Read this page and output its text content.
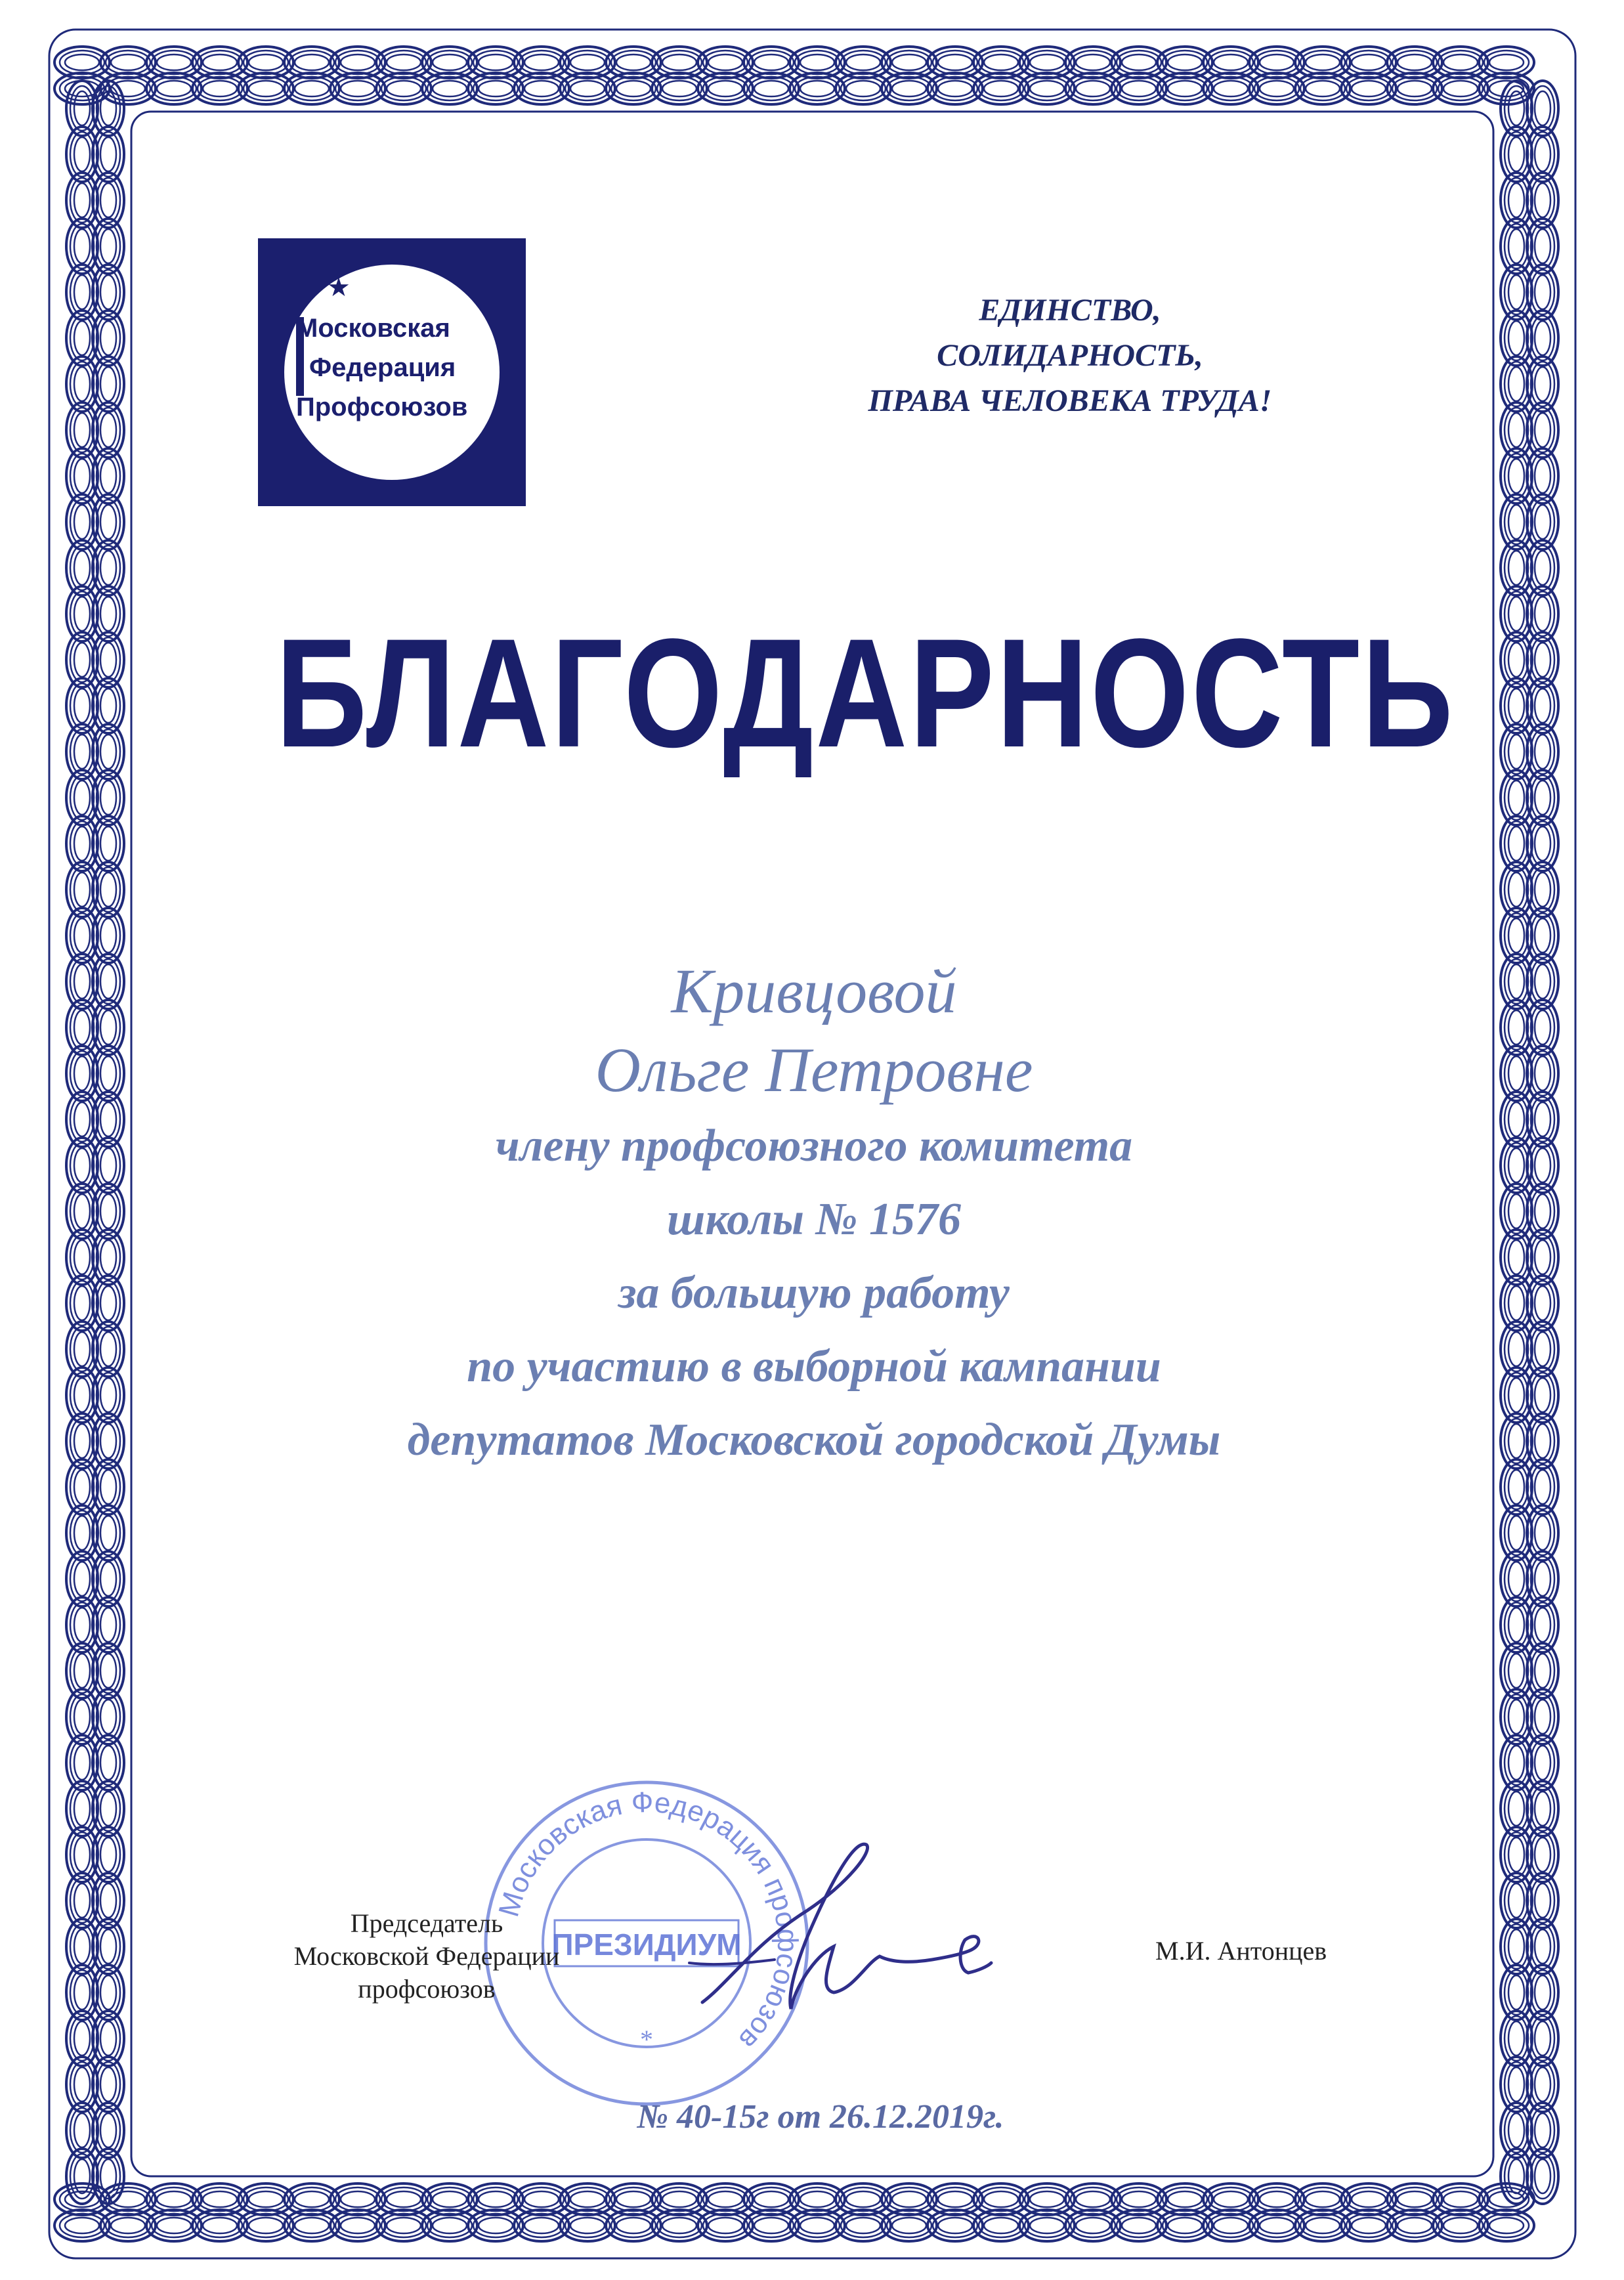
★
Московская
Федерация
Профсоюзов
ЕДИНСТВО,
СОЛИДАРНОСТЬ,
ПРАВА ЧЕЛОВЕКА ТРУДА!
БЛАГОДАРНОСТЬ
Кривцовой
Ольге Петровне
члену профсоюзного комитета
школы № 1576
за большую работу
по участию в выборной кампании
депутатов Московской городской Думы
Московская Федерация профсоюзов
ПРЕЗИДИУМ
*
Председатель
Московской Федерации
профсоюзов
М.И. Антонцев
№ 40-15г от 26.12.2019г.
